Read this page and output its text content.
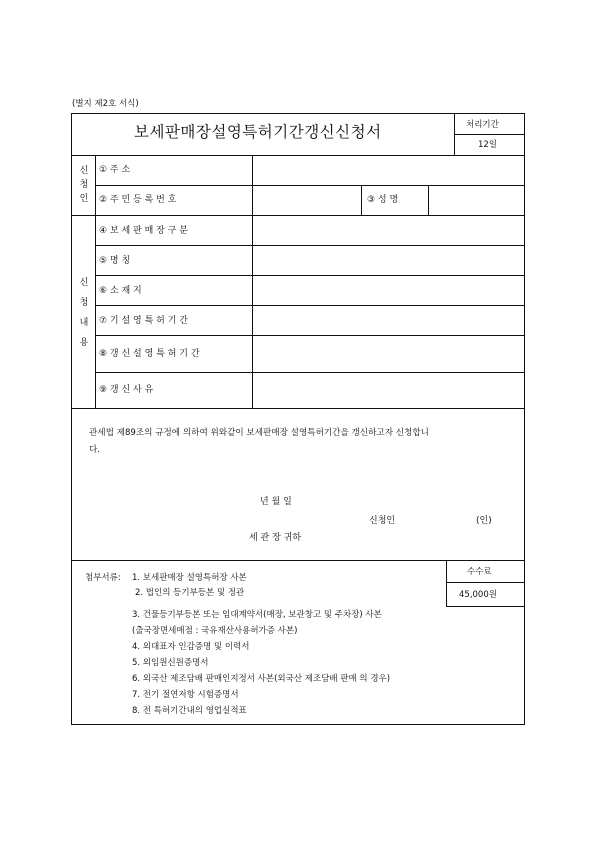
(별지 제2호 서식)
보세판매장설영특허기간갱신신청서	처리기간
12일
신
청
인
① 주 소
② 주 민 등 록 번 호	③ 성 명
신
청
내
용
④ 보 세 판 매 장 구 분
⑤ 명 칭
⑥ 소 재 지
⑦ 기 설 영 특 허 기 간
⑧ 갱 신 설 영 특 허 기 간
⑨ 갱 신 사 유
관세법 제89조의 규정에 의하여 위와같이 보세판매장 설영특허기간을 갱신하고자 신청합니
다.
년 월 일
신청인	(인)
세 관 장 귀하
수수료
45,000원
첨부서류: 1. 보세판매장 설영특허장 사본
2. 법인의 등기부등본 및 정관
3. 건물등기부등본 또는 임대계약서(매장, 보관창고 및 주차장) 사본
(출국장면세매점 : 국유재산사용허가증 사본)
4. 외대표자 인감증명 및 이력서
5. 외임원신원증명서
6. 외국산 제조담배 판매인지정서 사본(외국산 제조담배 판매 의 경우)
7. 전기 절연저항 시험증명서
8. 전 특허기간내의 영업실적표
